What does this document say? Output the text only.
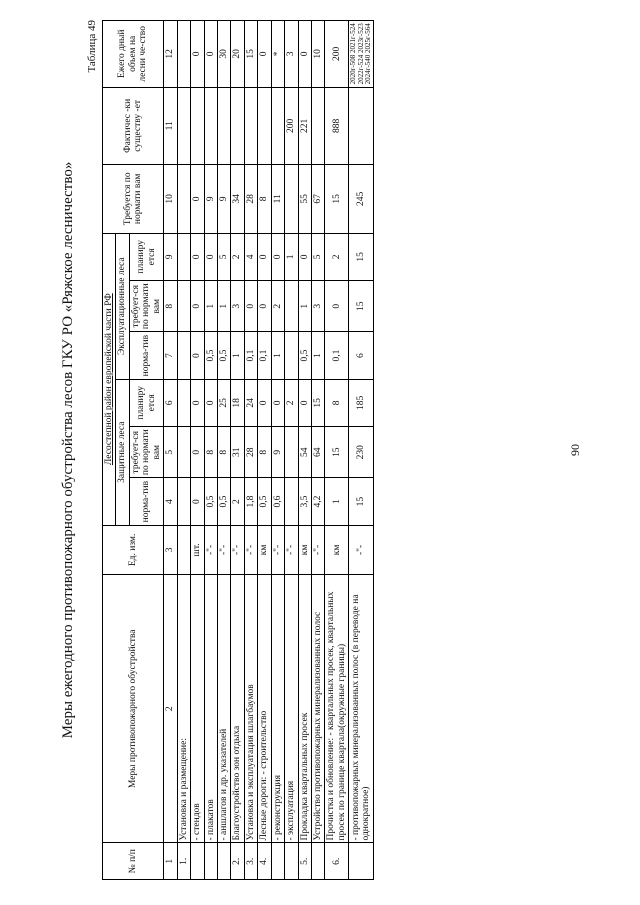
Меры ежегодного противопожарного обустройства лесов ГКУ РО «Ряжское лесничество»
Таблица 49
№ п/п	Меры противопожарного обустройства	Ед. изм.	Лесостепной район европейской части РФ						Требуется по нормати вам	Фактичес -ки существу -ет	Ежего дный объем на лесни че-ство
			Защитные леса			Эксплуатационные леса					
			норма-тив	требует-ся по нормати вам	планиру ется	норма-тив	требует-ся по нормати вам	планиру ется			

1	2	3	4	5	6	7	8	9	10	11	12
1.	Установка и размещение:										
	- стендов	шт.	0	0	0	0	0	0	0		0
	- плакатов	-"-	0,5	8	0	0,5	1	0	9		0
	- аншлагов и др. указателей	-"-	0,5	8	25	0,5	1	5	9		30
2.	Благоустройство зон отдыха	-"-	2	31	18	1	3	2	34		20
3.	Установка и эксплуатация шлагбаумов	-"-	1,8	28	24	0,1	0	4	28		15
4.	Лесные дороги: - строительство	км	0,5	8	0	0,1	0	0	8		0
	- реконструкция	-"-	0,6	9	0	1	2	0	11		*
	- эксплуатация	-"-			2			1		200	3
5.	Прокладка квартальных просек	км	3,5	54	0	0,5	1	0	55	221	0
	Устройство противопожарных минерализованных полос	-"-	4,2	64	15	1	3	5	67		10
6.	Прочистка и обновление: - квартальных просек, квартальных просек по границе квартала(окружные границы)	км	1	15	8	0,1	0	2	15	888	200
	- противопожарных минерализованных полос (в переводе на однократное)	-"-	15	230	185	6	15	15	245		2020г-508 2021г-524 2022г-524 2023г-523 2024г-540 2025г-564
90
